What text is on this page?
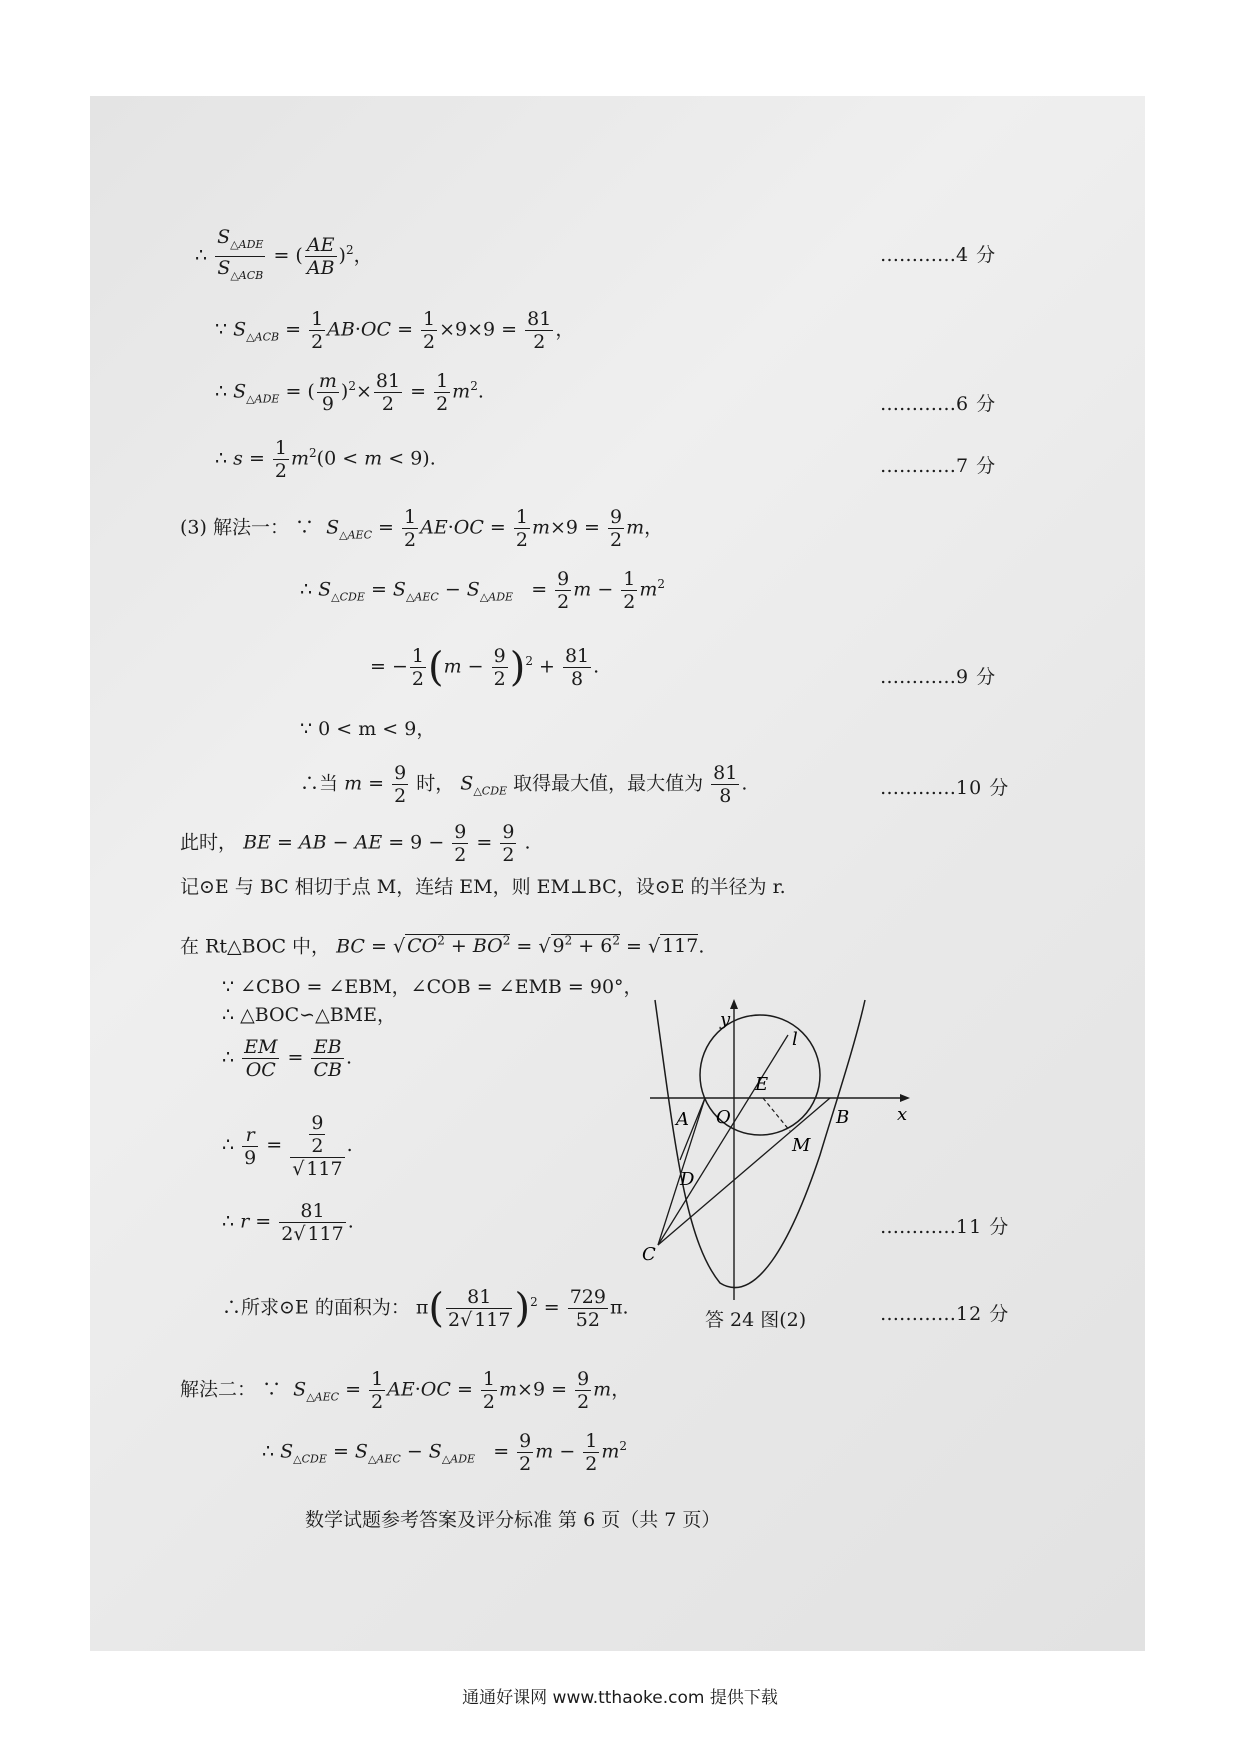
∴ $\frac{S_{\triangle ADE}}{S_{\triangle ACB}}$ = ( $\frac{AE}{AB} )^2$，	…………4 分
∵ $S_{\triangle ACB} = \frac{1}{2} AB\cdot OC = \frac{1}{2} \times 9\times 9 = \frac{81}{2}$ ，
∴ $S_{\triangle ADE}$ = ( $\frac{m}{9} )^2\times \frac{81}{2} = \frac{1}{2} m^2$.
…………6 分
∴ $s = \frac{1}{2} m^2(0 < m < 9)$.	…………7 分
(3) 解法一： ∵ $S_{\triangle AEC} = \frac{1}{2} AE\cdot OC = \frac{1}{2} m\times 9 = \frac{9}{2}$ m，
∴ $S_{\triangle CDE} = S_{\triangle AEC} - S_{\triangle ADE} = \frac{9}{2}$ $m - \frac{1}{2} m^2$
= − $\frac{1}{2} (m - \frac{9}{2} )^2 + \frac{81}{8}$ .	…………9 分
∵ 0 < m < 9，
∴当 $m = \frac{9}{2}$ 时， $S_{\triangle CDE}$ 取得最大值，最大值为 $\frac{81}{8}$ .	…………10 分
此时， BE = AB − AE = $9 - \frac{9}{2} = \frac{9}{2}$ .
记⊙E 与 BC 相切于点 M，连结 EM，则 EM⊥BC，设⊙E 的半径为 r.
在 Rt△BOC 中， BC = √ $CO^2 + BO^2$ = √ $9^2 + 6^2$ = √ 117.
∵ ∠CBO = ∠EBM，∠COB = ∠EMB = 90°，
∴ △BOC∽△BME，
∴ $\frac{EM}{OC} = \frac{EB}{CB}$ .
∴ $\frac{r}{9} = \frac{\frac{9}{2}}{√ 117}$ .
∴ $r = \frac{81}{2√ 117}$ .	…………11 分
∴所求⊙E 的面积为： $\pi( \frac{81}{2√ 117} )^2 = \frac{729}{52} \pi$.	…………12 分
解法二： ∵ $S_{\triangle AEC} = \frac{1}{2} AE\cdot OC = \frac{1}{2} m\times 9 = \frac{9}{2}$ m，
∴ $S_{\triangle CDE} = S_{\triangle AEC} - S_{\triangle ADE} = \frac{9}{2}$ $m - \frac{1}{2} m^2$
y
x
A O
E
l
B
M
D
C
答 24 图(2)
数学试题参考答案及评分标准 第 6 页（共 7 页）
通通好课网 www.tthaoke.com 提供下载
